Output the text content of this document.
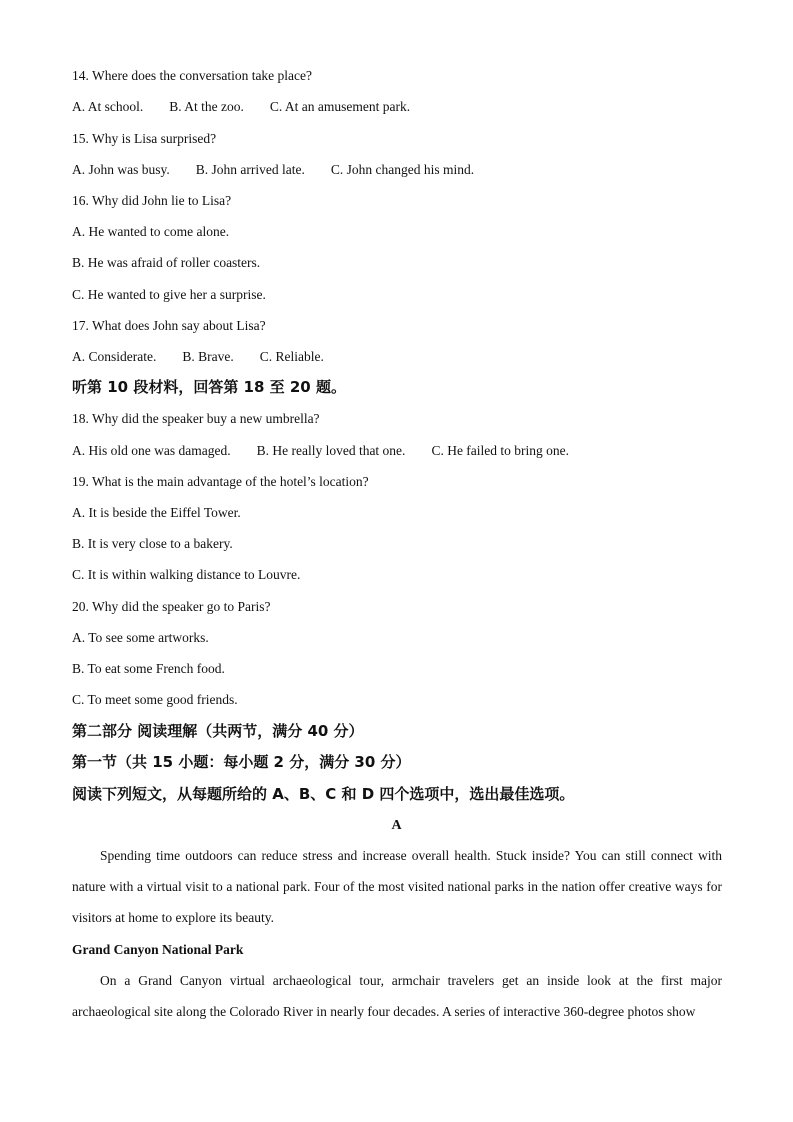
14. Where does the conversation take place?
A. At school. B. At the zoo. C. At an amusement park.
15. Why is Lisa surprised?
A. John was busy. B. John arrived late. C. John changed his mind.
16. Why did John lie to Lisa?
A. He wanted to come alone.
B. He was afraid of roller coasters.
C. He wanted to give her a surprise.
17. What does John say about Lisa?
A. Considerate. B. Brave. C. Reliable.
听第 10 段材料，回答第 18 至 20 题。
18. Why did the speaker buy a new umbrella?
A. His old one was damaged. B. He really loved that one. C. He failed to bring one.
19. What is the main advantage of the hotel’s location?
A. It is beside the Eiffel Tower.
B. It is very close to a bakery.
C. It is within walking distance to Louvre.
20. Why did the speaker go to Paris?
A. To see some artworks.
B. To eat some French food.
C. To meet some good friends.
第二部分 阅读理解（共两节，满分 40 分）
第一节（共 15 小题：每小题 2 分，满分 30 分）
阅读下列短文，从每题所给的 A、B、C 和 D 四个选项中，选出最佳选项。
A

Spending time outdoors can reduce stress and increase overall health. Stuck inside? You can still connect with nature with a virtual visit to a national park. Four of the most visited national parks in the nation offer creative ways for visitors at home to explore its beauty.

Grand Canyon National Park

On a Grand Canyon virtual archaeological tour, armchair travelers get an inside look at the first major archaeological site along the Colorado River in nearly four decades. A series of interactive 360-degree photos show
